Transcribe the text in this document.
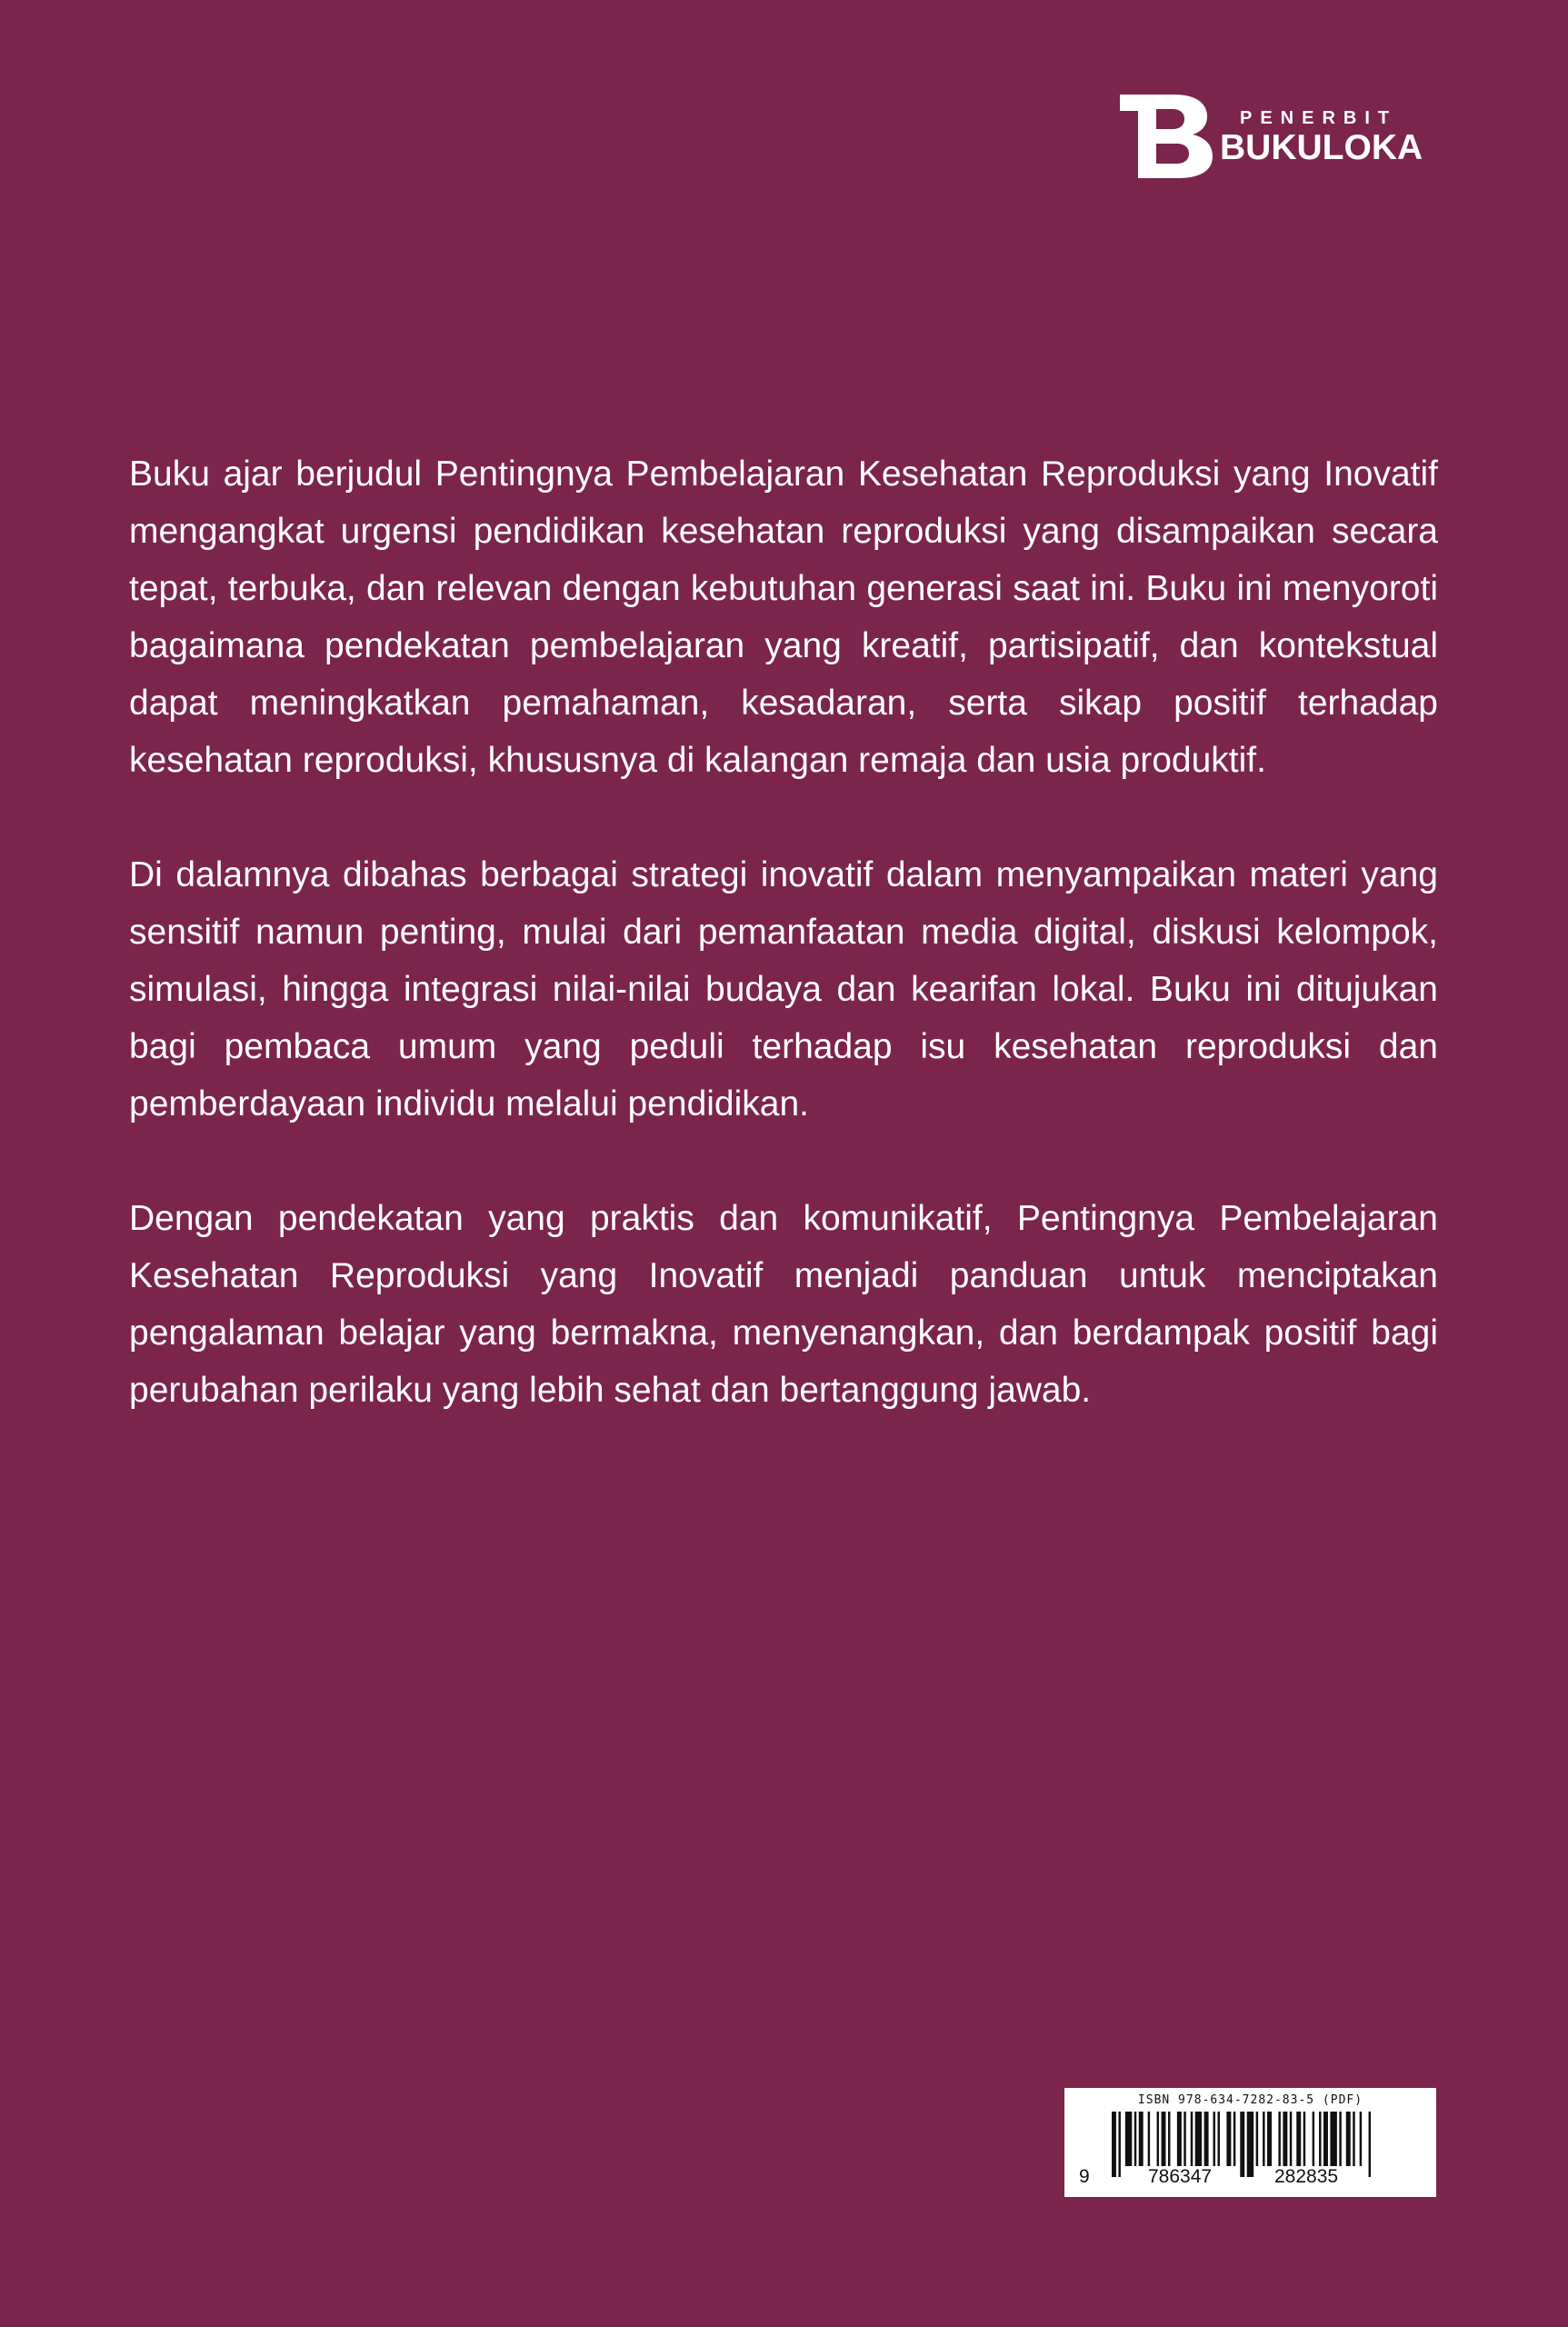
PENERBIT
BUKULOKA

Buku ajar berjudul Pentingnya Pembelajaran Kesehatan Reproduksi yang Inovatif mengangkat urgensi pendidikan kesehatan reproduksi yang disampaikan secara tepat, terbuka, dan relevan dengan kebutuhan generasi saat ini. Buku ini menyoroti bagaimana pendekatan pembelajaran yang kreatif, partisipatif, dan kontekstual dapat meningkatkan pemahaman, kesadaran, serta sikap positif terhadap kesehatan reproduksi, khususnya di kalangan remaja dan usia produktif.

Di dalamnya dibahas berbagai strategi inovatif dalam menyampaikan materi yang sensitif namun penting, mulai dari pemanfaatan media digital, diskusi kelompok, simulasi, hingga integrasi nilai-nilai budaya dan kearifan lokal. Buku ini ditujukan bagi pembaca umum yang peduli terhadap isu kesehatan reproduksi dan pemberdayaan individu melalui pendidikan.

Dengan pendekatan yang praktis dan komunikatif, Pentingnya Pembelajaran Kesehatan Reproduksi yang Inovatif menjadi panduan untuk menciptakan pengalaman belajar yang bermakna, menyenangkan, dan berdampak positif bagi perubahan perilaku yang lebih sehat dan bertanggung jawab.

ISBN 978-634-7282-83-5 (PDF)
9	786347	282835
